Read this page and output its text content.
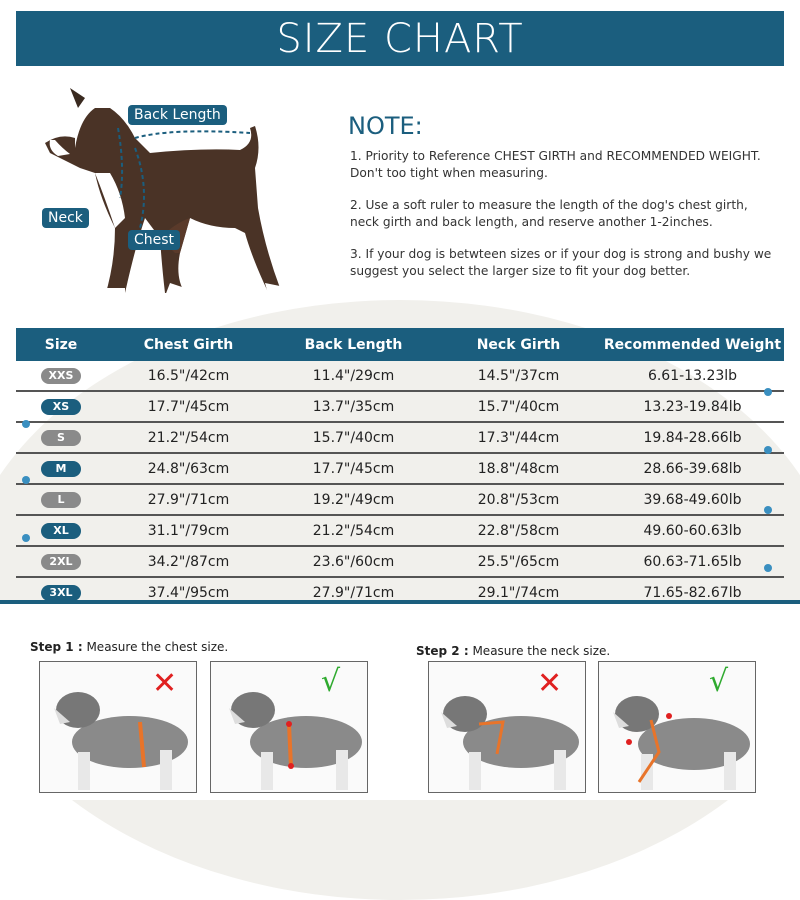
SIZE CHART
Back Length
Neck
Chest
NOTE:

1. Priority to Reference CHEST GIRTH and RECOMMENDED WEIGHT. Don't too tight when measuring.

2. Use a soft ruler to measure the length of the dog's chest girth, neck girth and back length, and reserve another 1-2inches.

3. If your dog is betwteen sizes or if your dog is strong and bushy we suggest you select the larger size to fit your dog better.

Size	Chest Girth	Back Length	Neck Girth	Recommended Weight
XXS	16.5"/42cm	11.4"/29cm	14.5"/37cm	6.61-13.23lb
XS	17.7"/45cm	13.7"/35cm	15.7"/40cm	13.23-19.84lb
S	21.2"/54cm	15.7"/40cm	17.3"/44cm	19.84-28.66lb
M	24.8"/63cm	17.7"/45cm	18.8"/48cm	28.66-39.68lb
L	27.9"/71cm	19.2"/49cm	20.8"/53cm	39.68-49.60lb
XL	31.1"/79cm	21.2"/54cm	22.8"/58cm	49.60-60.63lb
2XL	34.2"/87cm	23.6"/60cm	25.5"/65cm	60.63-71.65lb
3XL	37.4"/95cm	27.9"/71cm	29.1"/74cm	71.65-82.67lb
Step 1 : Measure the chest size.	Step 2 : Measure the neck size.
✕	√	✕	√
